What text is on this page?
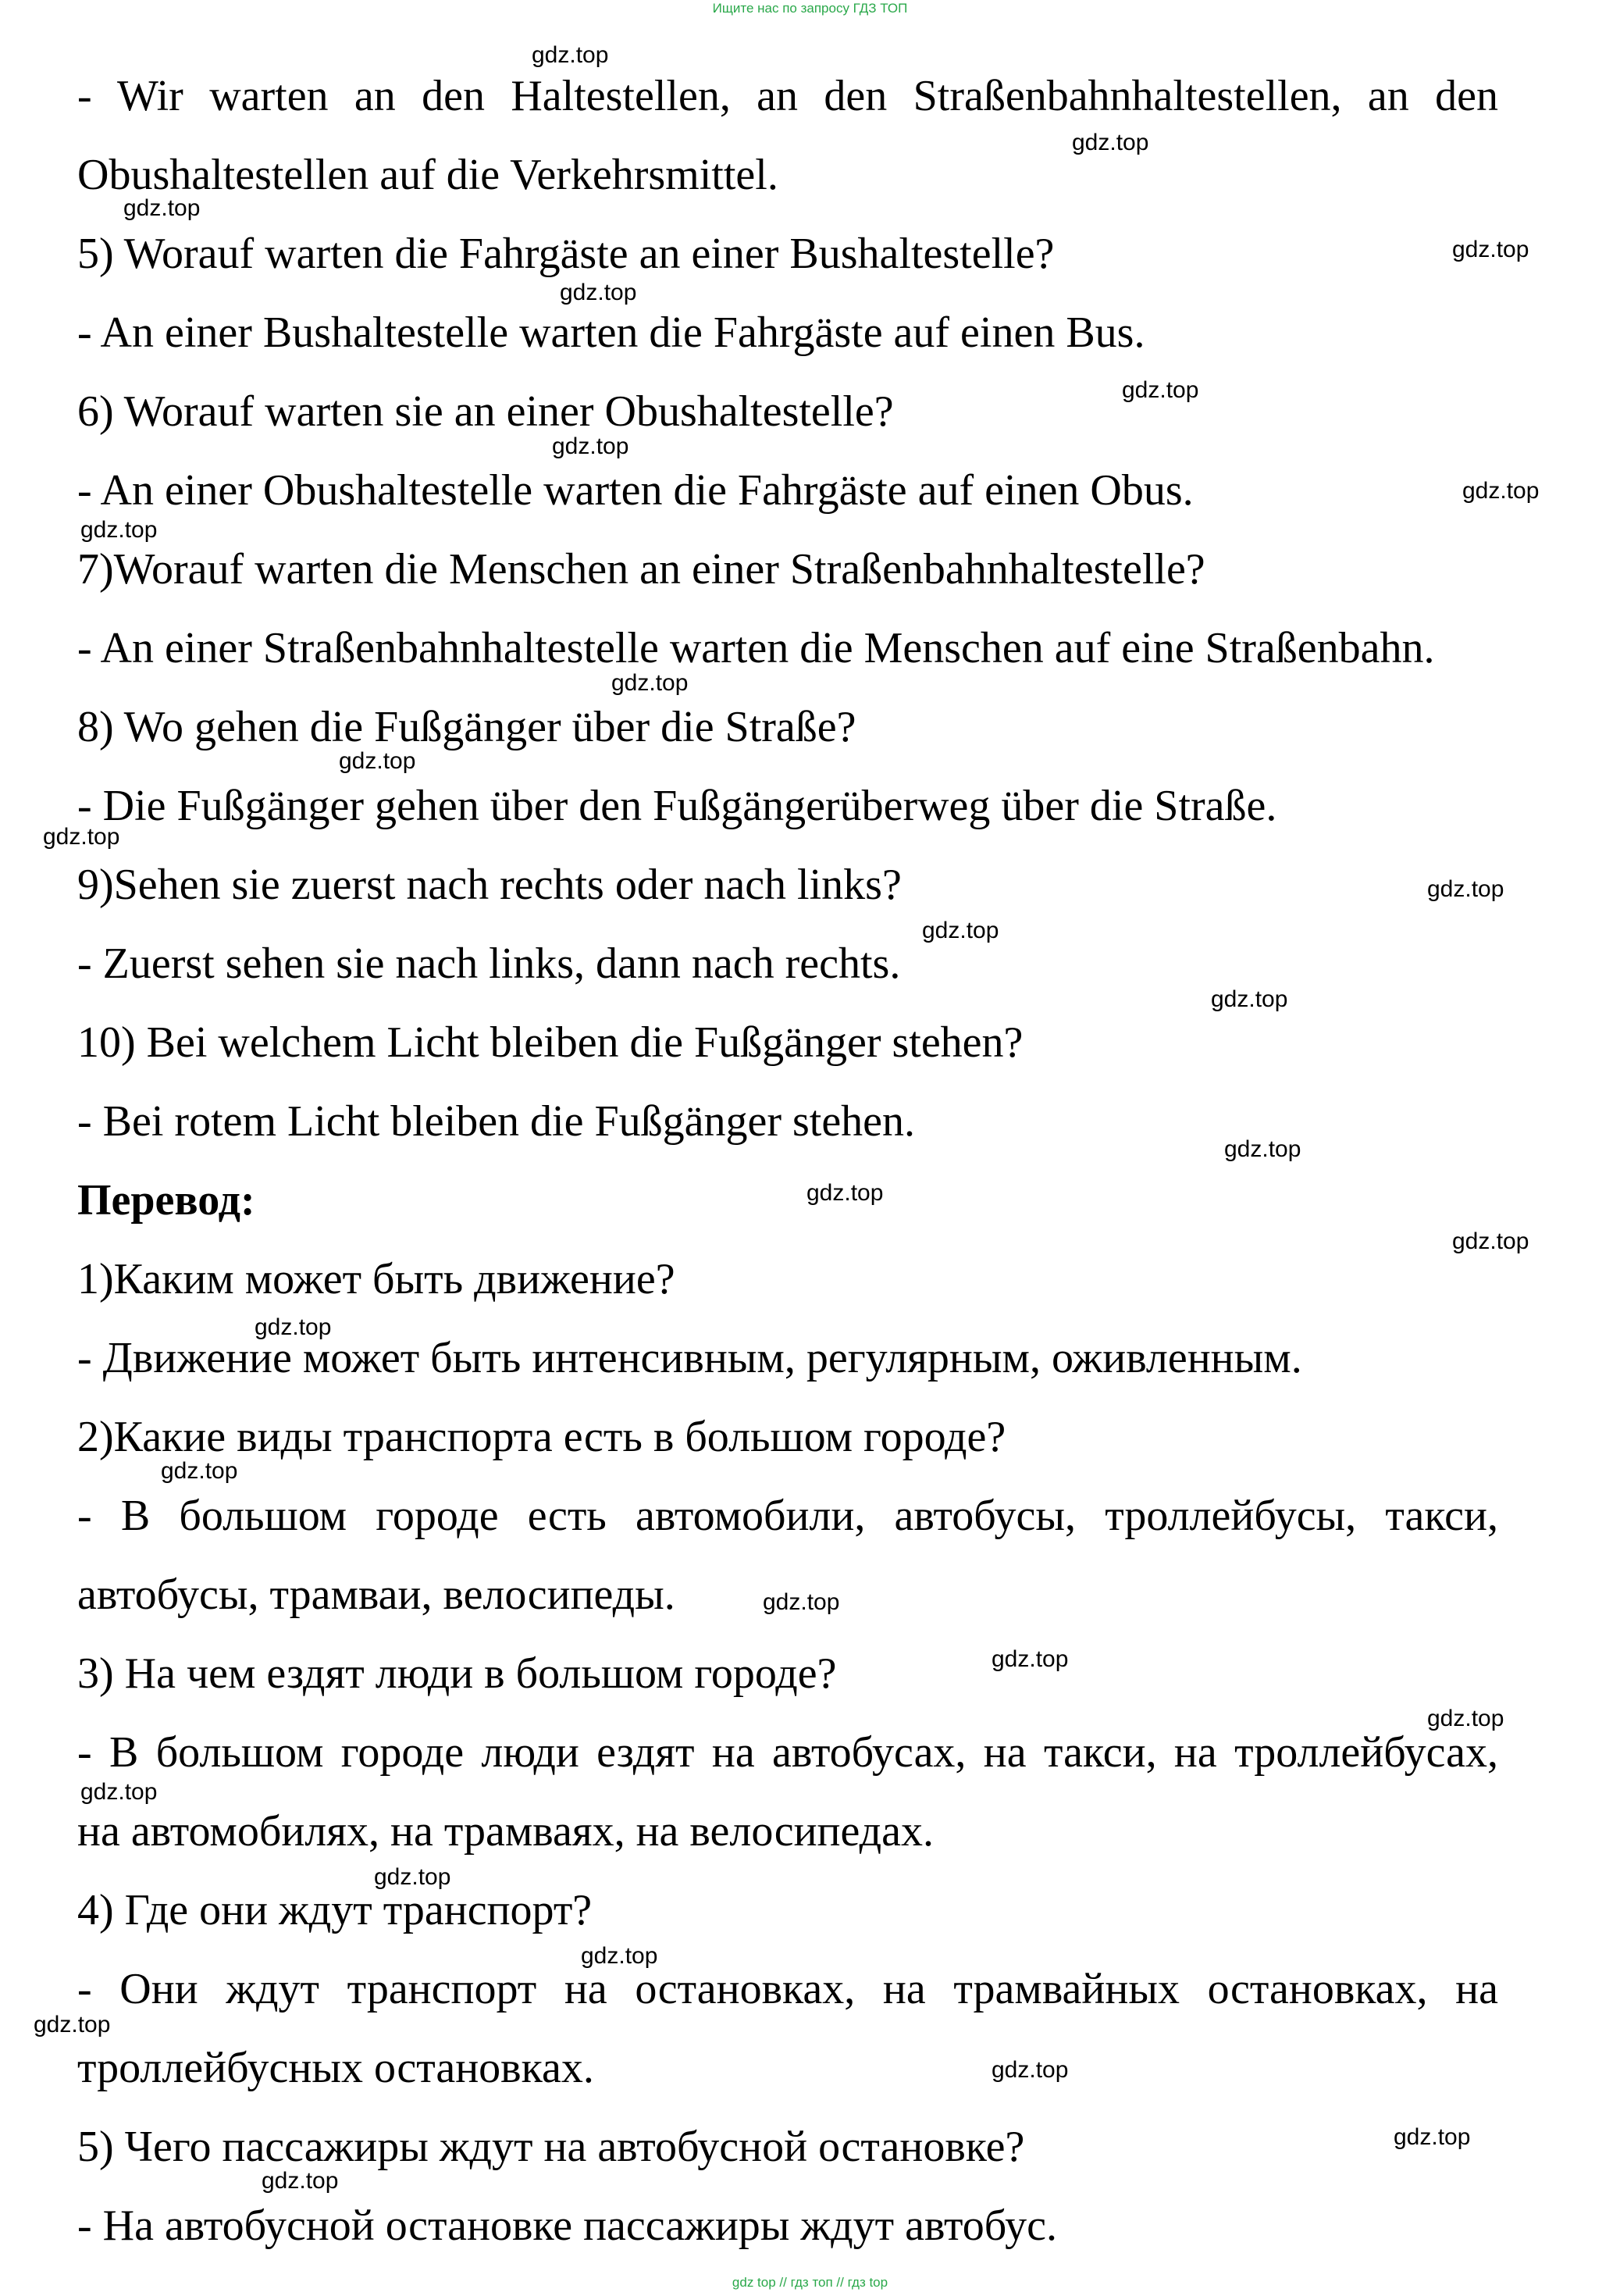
Ищите нас по запросу ГДЗ ТОП
- Wir warten an den Haltestellen, an den Straßenbahnhaltestellen, an den
Obushaltestellen auf die Verkehrsmittel.
5) Worauf warten die Fahrgäste an einer Bushaltestelle?
- An einer Bushaltestelle warten die Fahrgäste auf einen Bus.
6) Worauf warten sie an einer Obushaltestelle?
- An einer Obushaltestelle warten die Fahrgäste auf einen Obus.
7)Worauf warten die Menschen an einer Straßenbahnhaltestelle?
- An einer Straßenbahnhaltestelle warten die Menschen auf eine Straßenbahn.
8) Wo gehen die Fußgänger über die Straße?
- Die Fußgänger gehen über den Fußgängerüberweg über die Straße.
9)Sehen sie zuerst nach rechts oder nach links?
- Zuerst sehen sie nach links, dann nach rechts.
10) Bei welchem Licht bleiben die Fußgänger stehen?
- Bei rotem Licht bleiben die Fußgänger stehen.
Перевод:
1)Каким может быть движение?
- Движение может быть интенсивным, регулярным, оживленным.
2)Какие виды транспорта есть в большом городе?
- В большом городе есть автомобили, автобусы, троллейбусы, такси,
автобусы, трамваи, велосипеды.
3) На чем ездят люди в большом городе?
- В большом городе люди ездят на автобусах, на такси, на троллейбусах,
на автомобилях, на трамваях, на велосипедах.
4) Где они ждут транспорт?
- Они ждут транспорт на остановках, на трамвайных остановках, на
троллейбусных остановках.
5) Чего пассажиры ждут на автобусной остановке?
- На автобусной остановке пассажиры ждут автобус.
gdz.top
gdz.top
gdz.top
gdz.top
gdz.top
gdz.top
gdz.top
gdz.top
gdz.top
gdz.top
gdz.top
gdz.top
gdz.top
gdz.top
gdz.top
gdz.top
gdz.top
gdz.top
gdz.top
gdz.top
gdz.top
gdz.top
gdz.top
gdz.top
gdz.top
gdz.top
gdz.top
gdz.top
gdz.top
gdz.top
gdz top // гдз топ // гдз top
